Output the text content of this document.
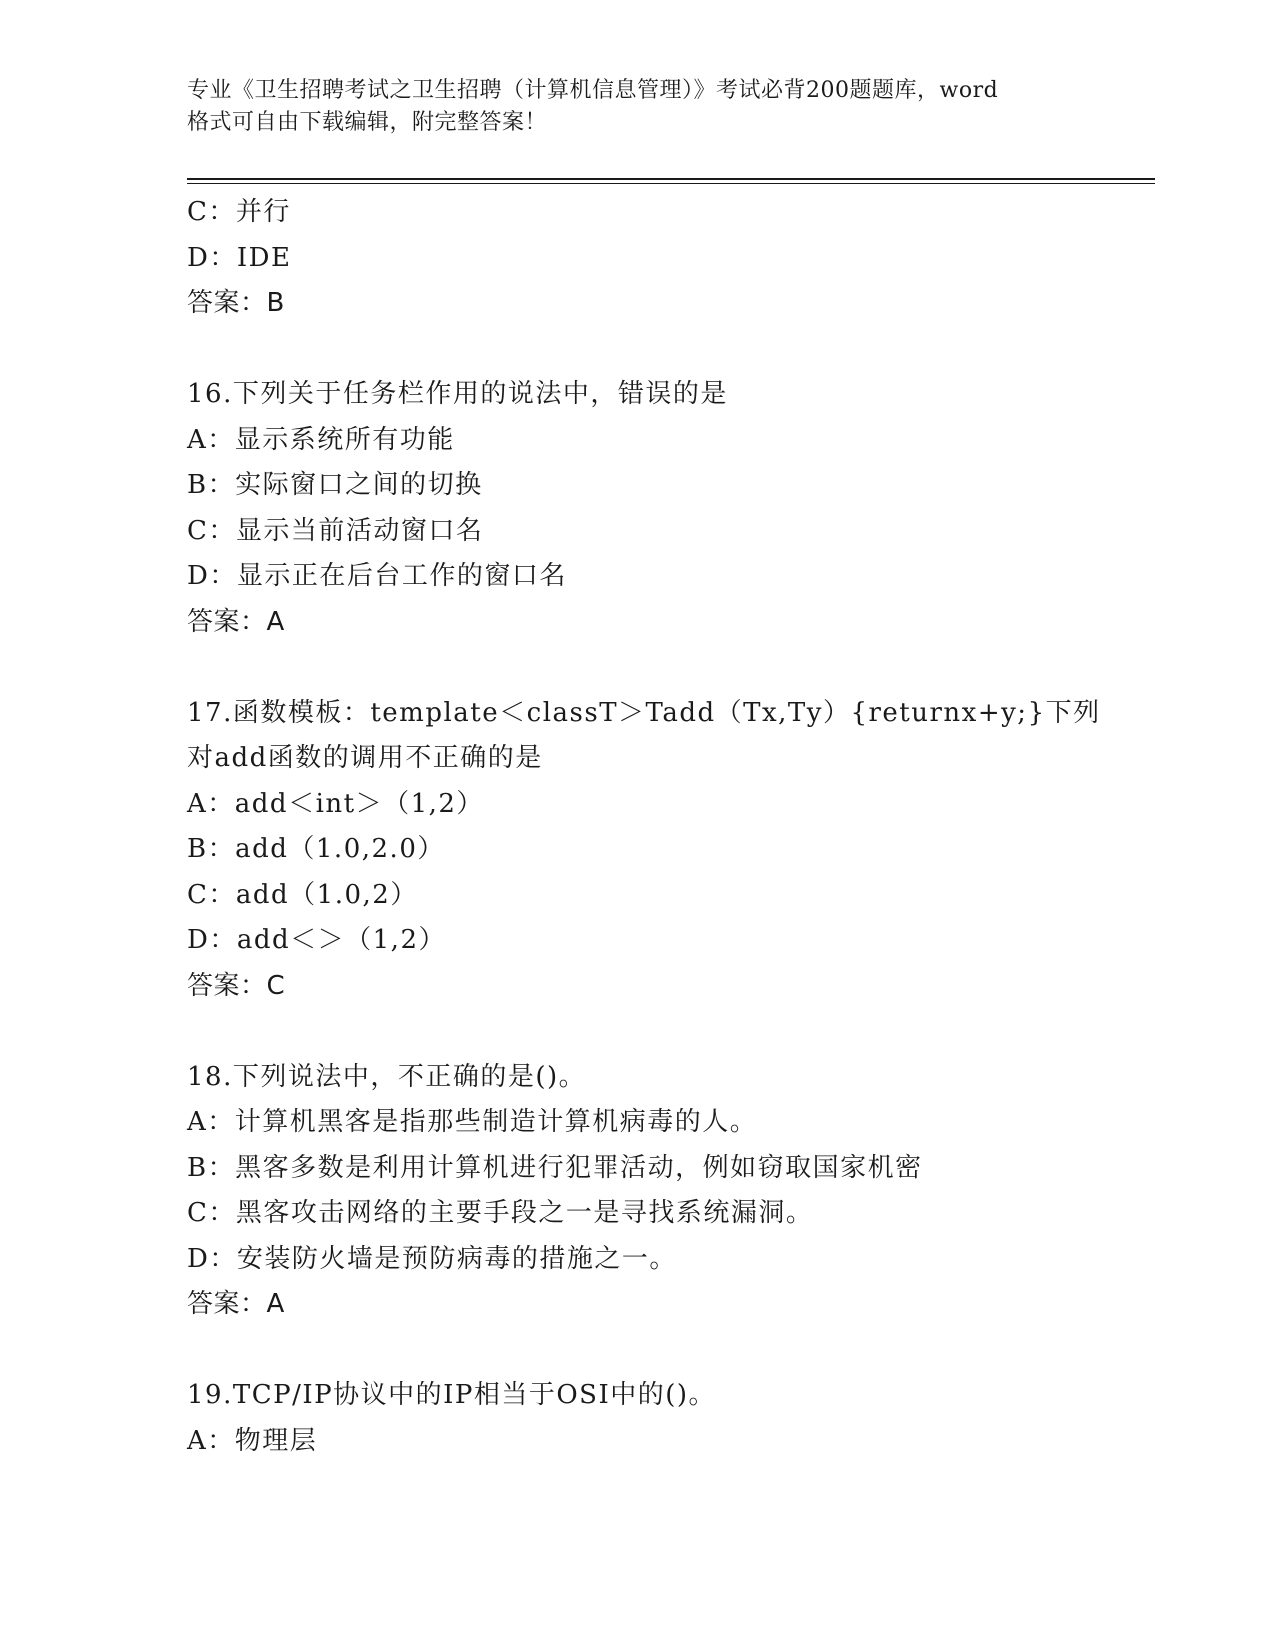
专业《卫生招聘考试之卫生招聘（计算机信息管理）》考试必背200题题库，word
格式可自由下载编辑，附完整答案！
C：并行
D：IDE
答案：B
16.下列关于任务栏作用的说法中，错误的是
A：显示系统所有功能
B：实际窗口之间的切换
C：显示当前活动窗口名
D：显示正在后台工作的窗口名
答案：A
17.函数模板：template＜classT＞Tadd（Tx,Ty）{returnx+y;}下列
对add函数的调用不正确的是
A：add＜int＞（1,2）
B：add（1.0,2.0）
C：add（1.0,2）
D：add＜＞（1,2）
答案：C
18.下列说法中，不正确的是()。
A：计算机黑客是指那些制造计算机病毒的人。
B：黑客多数是利用计算机进行犯罪活动，例如窃取国家机密
C：黑客攻击网络的主要手段之一是寻找系统漏洞。
D：安装防火墙是预防病毒的措施之一。
答案：A
19.TCP/IP协议中的IP相当于OSI中的()。
A：物理层
